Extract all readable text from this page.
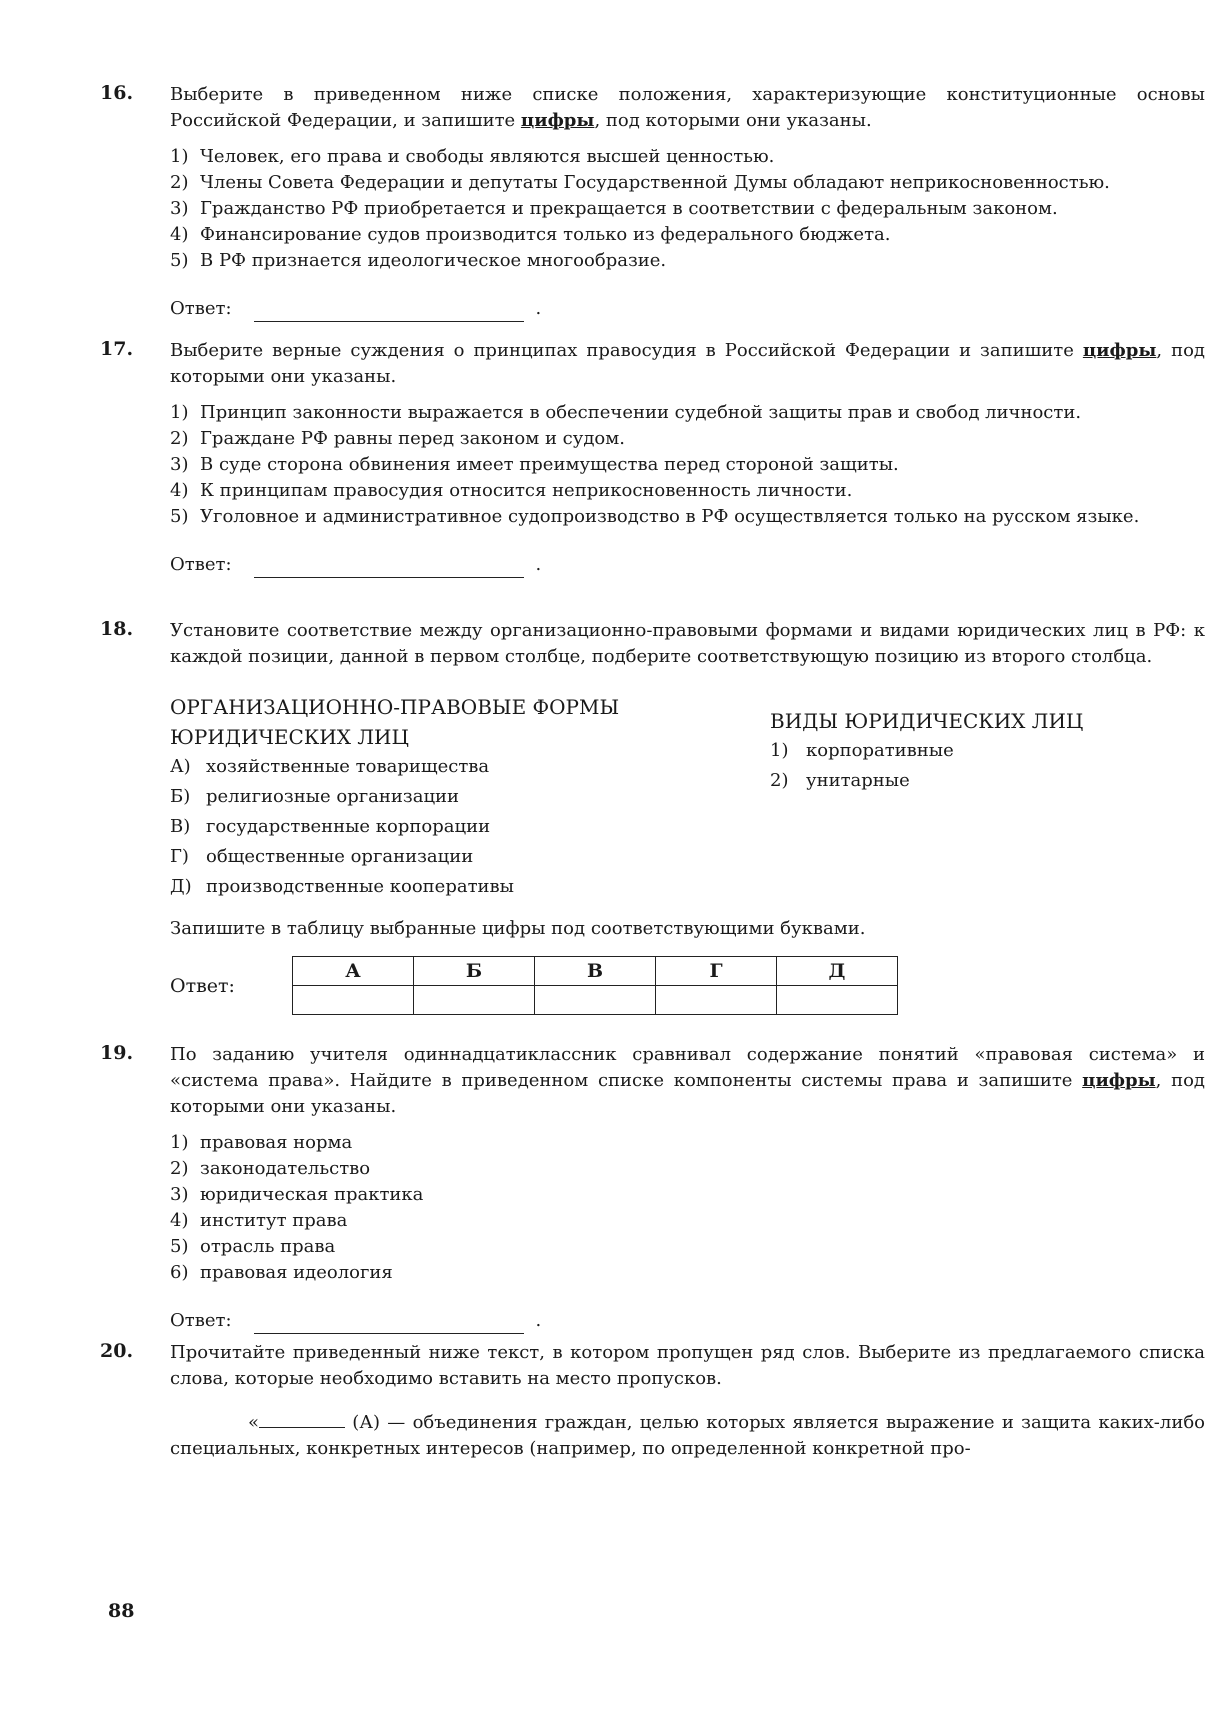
16. Выберите в приведенном ниже списке положения, характеризующие конституционные основы Российской Федерации, и запишите цифры, под которыми они указаны.

1) Человек, его права и свободы являются высшей ценностью.
2) Члены Совета Федерации и депутаты Государственной Думы обладают неприкосновенностью.
3) Гражданство РФ приобретается и прекращается в соответствии с федеральным законом.
4) Финансирование судов производится только из федерального бюджета.
5) В РФ признается идеологическое многообразие.
Ответ:	.
17. Выберите верные суждения о принципах правосудия в Российской Федерации и запишите цифры, под которыми они указаны.

1) Принцип законности выражается в обеспечении судебной защиты прав и свобод личности.
2) Граждане РФ равны перед законом и судом.
3) В суде сторона обвинения имеет преимущества перед стороной защиты.
4) К принципам правосудия относится неприкосновенность личности.
5) Уголовное и административное судопроизводство в РФ осуществляется только на русском языке.
Ответ:	.
18. Установите соответствие между организационно-правовыми формами и видами юридических лиц в РФ: к каждой позиции, данной в первом столбце, подберите соответствующую позицию из второго столбца.

ОРГАНИЗАЦИОННО-ПРАВОВЫЕ ФОРМЫ ЮРИДИЧЕСКИХ ЛИЦ
А) хозяйственные товарищества
Б) религиозные организации
В) государственные корпорации
Г) общественные организации
Д) производственные кооперативы
ВИДЫ ЮРИДИЧЕСКИХ ЛИЦ
1) корпоративные
2) унитарные

Запишите в таблицу выбранные цифры под соответствующими буквами.

Ответ:
А	Б	В	Г	Д

19. По заданию учителя одиннадцатиклассник сравнивал содержание понятий «правовая система» и «система права». Найдите в приведенном списке компоненты системы права и запишите цифры, под которыми они указаны.

1) правовая норма
2) законодательство
3) юридическая практика
4) институт права
5) отрасль права
6) правовая идеология
Ответ:	.
20. Прочитайте приведенный ниже текст, в котором пропущен ряд слов. Выберите из предлагаемого списка слова, которые необходимо вставить на место пропусков.

«	(А) — объединения граждан, целью которых является выражение и защита каких-либо специальных, конкретных интересов (например, по определенной конкретной про-

88
